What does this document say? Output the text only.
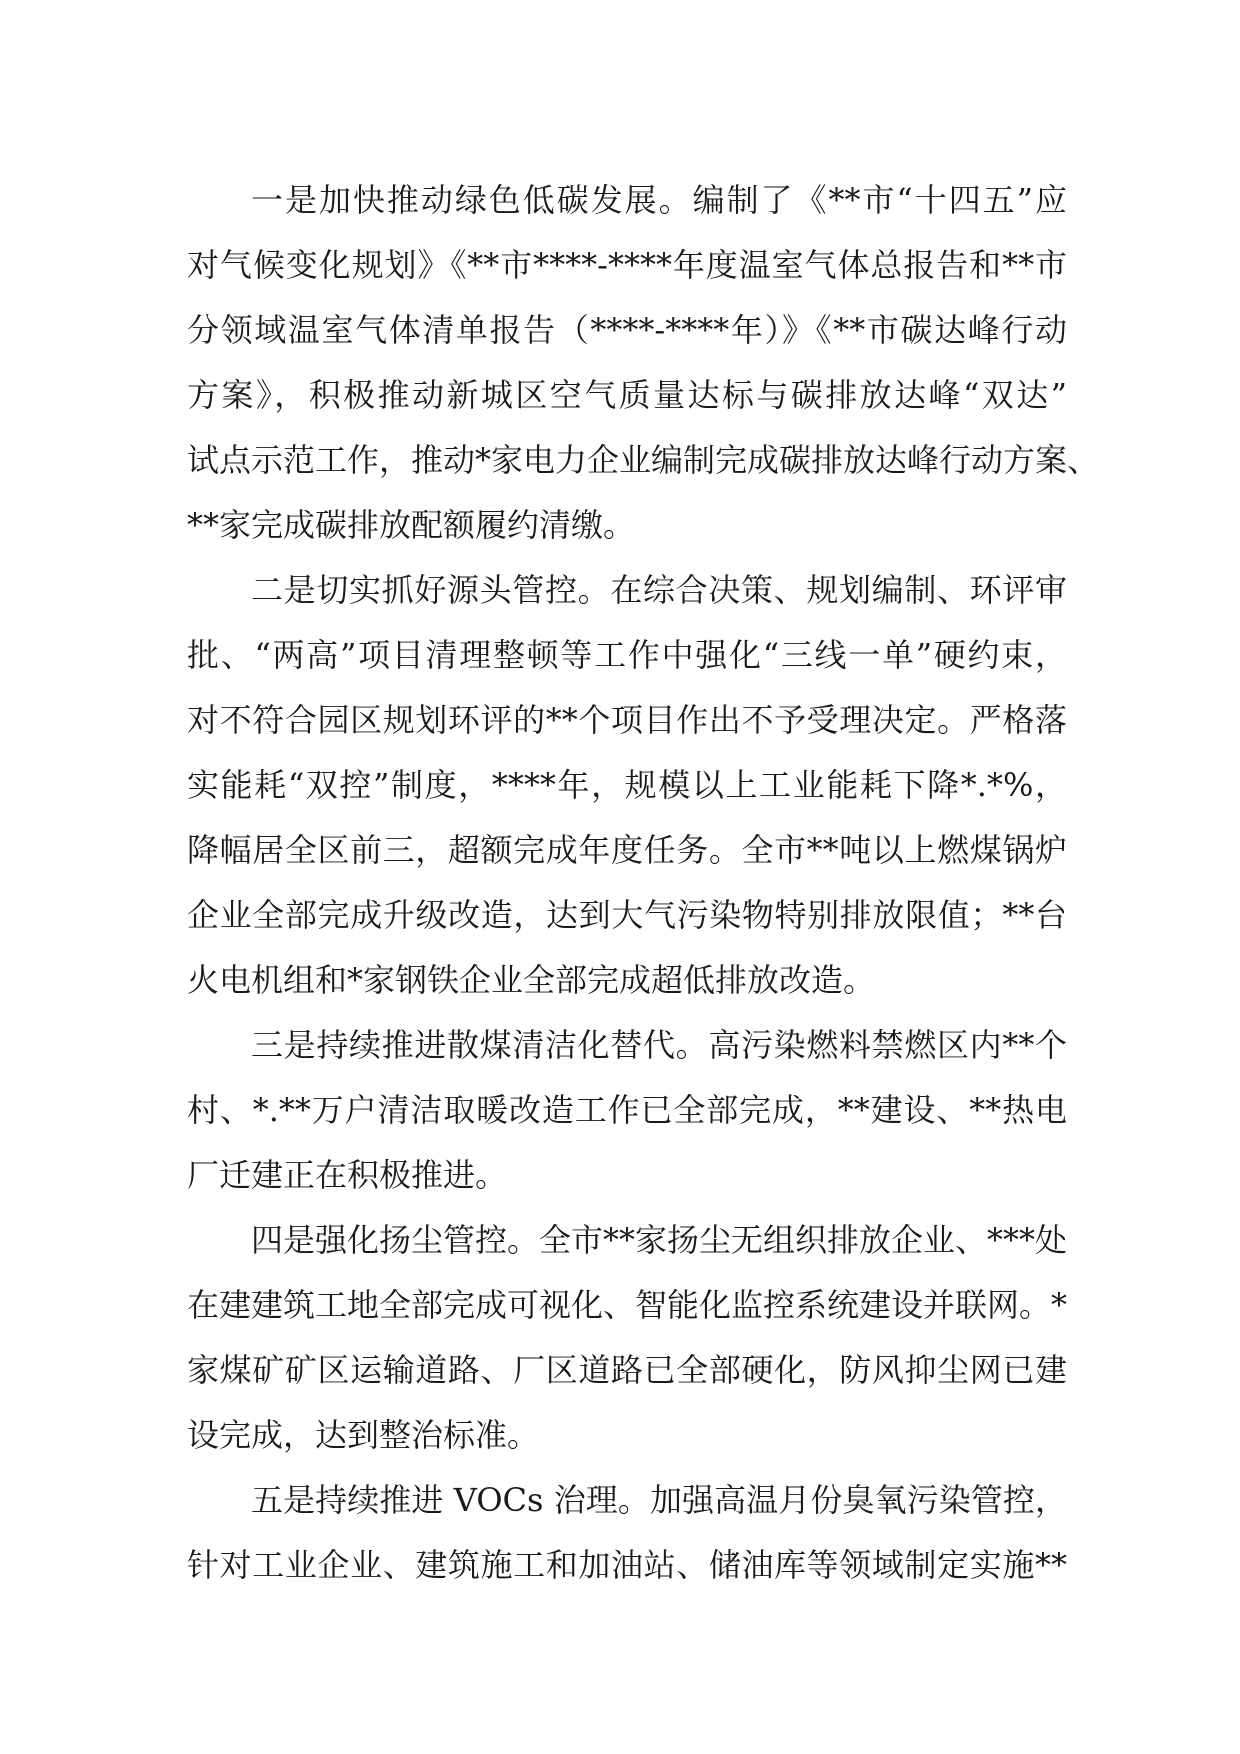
一是加快推动绿色低碳发展。编制了《**市“十四五”应
对气候变化规划》《**市****-****年度温室气体总报告和**市
分领域温室气体清单报告（****-****年）》《**市碳达峰行动
方案》，积极推动新城区空气质量达标与碳排放达峰“双达”
试点示范工作，推动*家电力企业编制完成碳排放达峰行动方案、
**家完成碳排放配额履约清缴。
二是切实抓好源头管控。在综合决策、规划编制、环评审
批、“两高”项目清理整顿等工作中强化“三线一单”硬约束，
对不符合园区规划环评的**个项目作出不予受理决定。严格落
实能耗“双控”制度，****年，规模以上工业能耗下降*.*%，
降幅居全区前三，超额完成年度任务。全市**吨以上燃煤锅炉
企业全部完成升级改造，达到大气污染物特别排放限值；**台
火电机组和*家钢铁企业全部完成超低排放改造。
三是持续推进散煤清洁化替代。高污染燃料禁燃区内**个
村、*.**万户清洁取暖改造工作已全部完成，**建设、**热电
厂迁建正在积极推进。
四是强化扬尘管控。全市**家扬尘无组织排放企业、***处
在建建筑工地全部完成可视化、智能化监控系统建设并联网。*
家煤矿矿区运输道路、厂区道路已全部硬化，防风抑尘网已建
设完成，达到整治标准。
五是持续推进 VOCs 治理。加强高温月份臭氧污染管控，
针对工业企业、建筑施工和加油站、储油库等领域制定实施**
